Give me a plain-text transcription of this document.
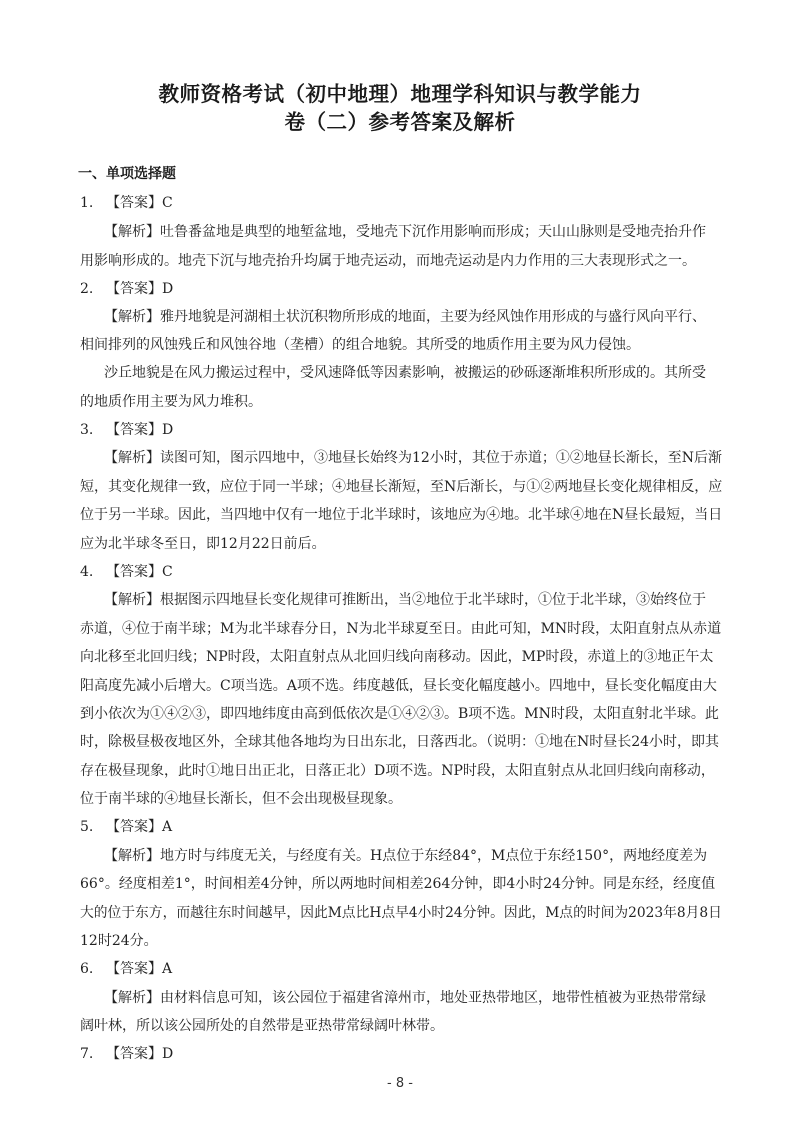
教师资格考试（初中地理）地理学科知识与教学能力
卷（二）参考答案及解析
一、单项选择题
1. 【答案】C
【解析】吐鲁番盆地是典型的地堑盆地，受地壳下沉作用影响而形成；天山山脉则是受地壳抬升作
用影响形成的。地壳下沉与地壳抬升均属于地壳运动，而地壳运动是内力作用的三大表现形式之一。
2. 【答案】D
【解析】雅丹地貌是河湖相土状沉积物所形成的地面，主要为经风蚀作用形成的与盛行风向平行、
相间排列的风蚀残丘和风蚀谷地（垄槽）的组合地貌。其所受的地质作用主要为风力侵蚀。
沙丘地貌是在风力搬运过程中，受风速降低等因素影响，被搬运的砂砾逐渐堆积所形成的。其所受
的地质作用主要为风力堆积。
3. 【答案】D
【解析】读图可知，图示四地中，③地昼长始终为12小时，其位于赤道；①②地昼长渐长，至N后渐
短，其变化规律一致，应位于同一半球；④地昼长渐短，至N后渐长，与①②两地昼长变化规律相反，应
位于另一半球。因此，当四地中仅有一地位于北半球时，该地应为④地。北半球④地在N昼长最短，当日
应为北半球冬至日，即12月22日前后。
4. 【答案】C
【解析】根据图示四地昼长变化规律可推断出，当②地位于北半球时，①位于北半球，③始终位于
赤道，④位于南半球；M为北半球春分日，N为北半球夏至日。由此可知，MN时段，太阳直射点从赤道
向北移至北回归线；NP时段，太阳直射点从北回归线向南移动。因此，MP时段，赤道上的③地正午太
阳高度先减小后增大。C项当选。A项不选。纬度越低，昼长变化幅度越小。四地中，昼长变化幅度由大
到小依次为①④②③，即四地纬度由高到低依次是①④②③。B项不选。MN时段，太阳直射北半球。此
时，除极昼极夜地区外，全球其他各地均为日出东北，日落西北。（说明：①地在N时昼长24小时，即其
存在极昼现象，此时①地日出正北，日落正北）D项不选。NP时段，太阳直射点从北回归线向南移动，
位于南半球的④地昼长渐长，但不会出现极昼现象。
5. 【答案】A
【解析】地方时与纬度无关，与经度有关。H点位于东经84°，M点位于东经150°，两地经度差为
66°。经度相差1°，时间相差4分钟，所以两地时间相差264分钟，即4小时24分钟。同是东经，经度值
大的位于东方，而越往东时间越早，因此M点比H点早4小时24分钟。因此，M点的时间为2023年8月8日
12时24分。
6. 【答案】A
【解析】由材料信息可知，该公园位于福建省漳州市，地处亚热带地区，地带性植被为亚热带常绿
阔叶林，所以该公园所处的自然带是亚热带常绿阔叶林带。
7. 【答案】D
- 8 -
